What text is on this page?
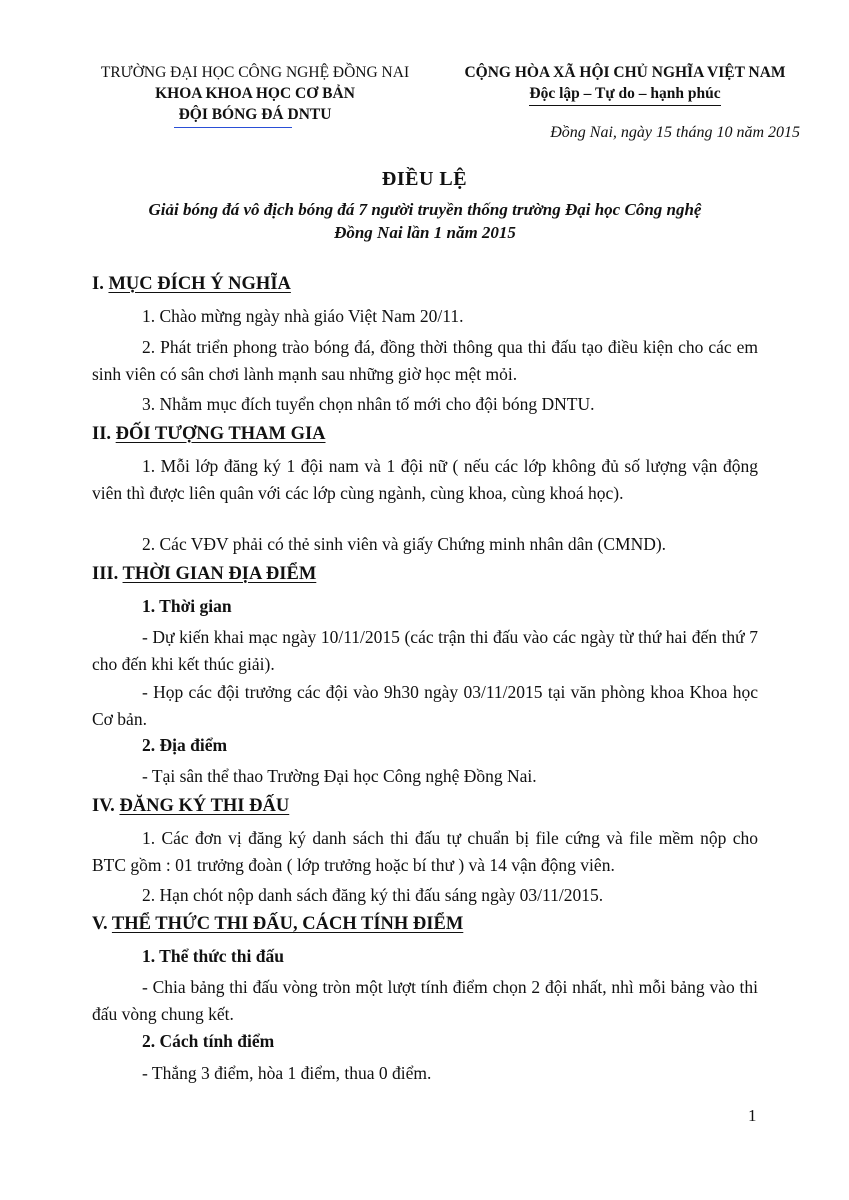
TRƯỜNG ĐẠI HỌC CÔNG NGHỆ ĐỒNG NAI
KHOA KHOA HỌC CƠ BẢN
ĐỘI BÓNG ĐÁ DNTU
CỘNG HÒA XÃ HỘI CHỦ NGHĨA VIỆT NAM
Độc lập – Tự do – hạnh phúc
Đồng Nai, ngày 15 tháng 10 năm 2015
ĐIỀU LỆ
Giải bóng đá vô địch bóng đá 7 người truyền thống trường Đại học Công nghệ
Đồng Nai lần 1 năm 2015
I. MỤC ĐÍCH Ý NGHĨA
1. Chào mừng ngày nhà giáo Việt Nam 20/11.
2. Phát triển phong trào bóng đá, đồng thời thông qua thi đấu tạo điều kiện cho các em sinh viên có sân chơi lành mạnh sau những giờ học mệt mỏi.
3. Nhằm mục đích tuyển chọn nhân tố mới cho đội bóng DNTU.
II. ĐỐI TƯỢNG THAM GIA
1. Mỗi lớp đăng ký 1 đội nam và 1 đội nữ ( nếu các lớp không đủ số lượng vận động viên thì được liên quân với các lớp cùng ngành, cùng khoa, cùng khoá học).
2. Các VĐV phải có thẻ sinh viên và giấy Chứng minh nhân dân (CMND).
III. THỜI GIAN ĐỊA ĐIỂM
1. Thời gian
- Dự kiến khai mạc ngày 10/11/2015 (các trận thi đấu vào các ngày từ thứ hai đến thứ 7 cho đến khi kết thúc giải).
- Họp các đội trưởng các đội vào 9h30 ngày 03/11/2015 tại văn phòng khoa Khoa học Cơ bản.
2. Địa điểm
- Tại sân thể thao Trường Đại học Công nghệ Đồng Nai.
IV. ĐĂNG KÝ THI ĐẤU
1. Các đơn vị đăng ký danh sách thi đấu tự chuẩn bị file cứng và file mềm nộp cho BTC gồm : 01 trưởng đoàn ( lớp trưởng hoặc bí thư ) và 14 vận động viên.
2. Hạn chót nộp danh sách đăng ký thi đấu sáng ngày 03/11/2015.
V. THỂ THỨC THI ĐẤU, CÁCH TÍNH ĐIỂM
1. Thể thức thi đấu
- Chia bảng thi đấu vòng tròn một lượt tính điểm chọn 2 đội nhất, nhì mỗi bảng vào thi đấu vòng chung kết.
2. Cách tính điểm
- Thắng 3 điểm, hòa 1 điểm, thua 0 điểm.
1
